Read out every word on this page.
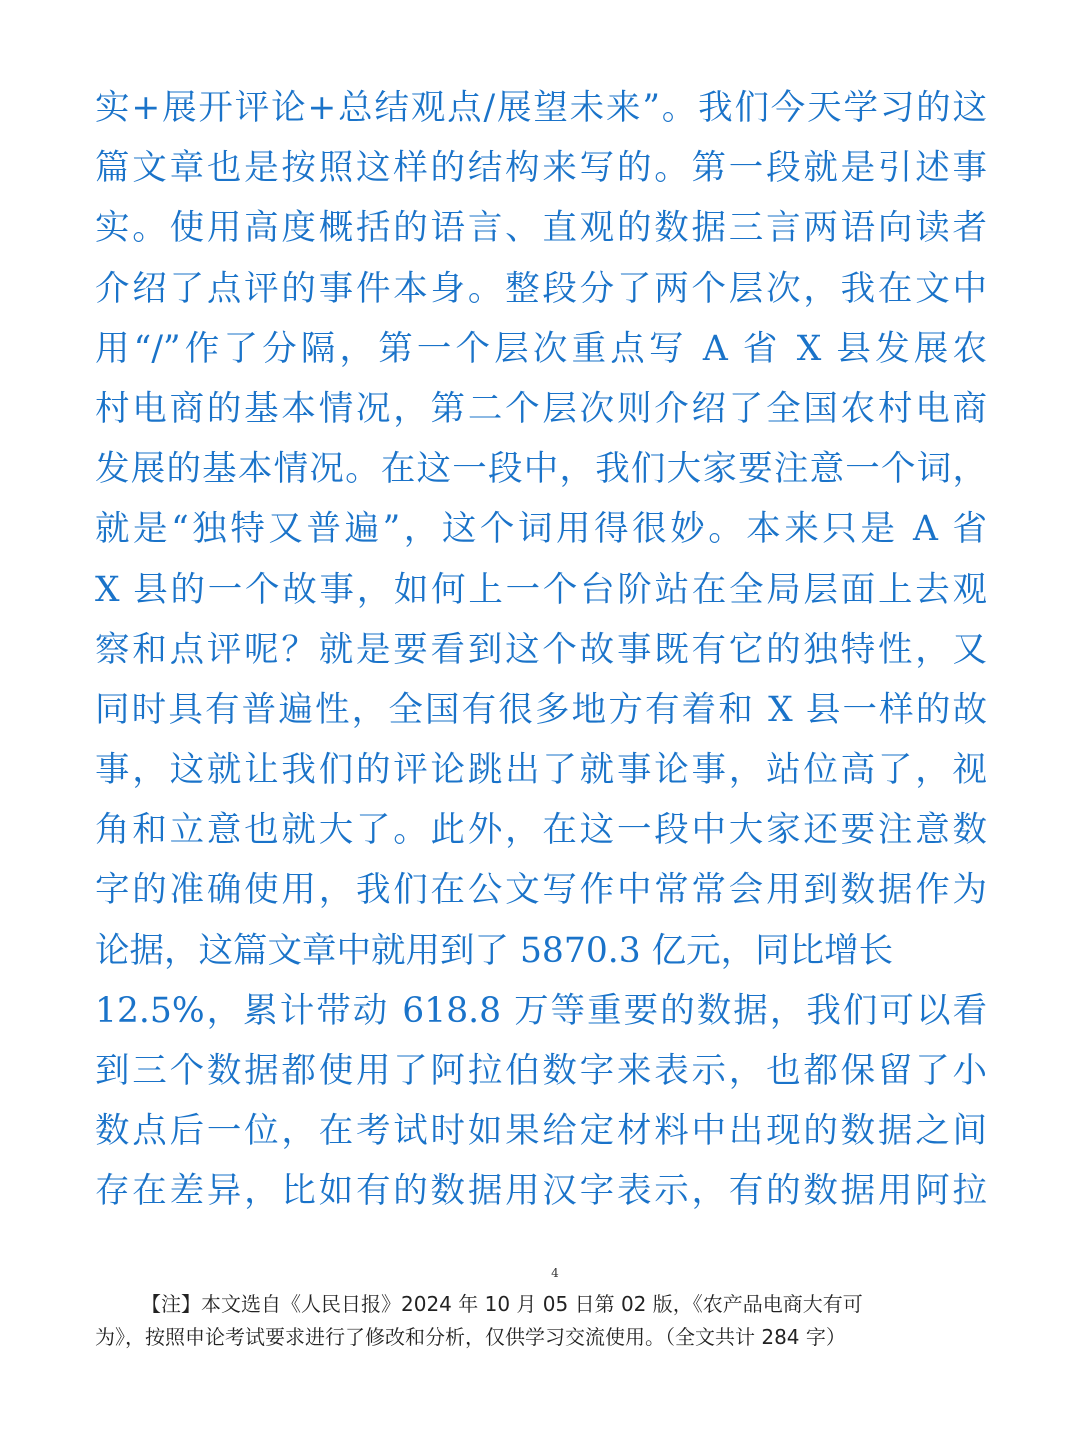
实+展开评论+总结观点/展望未来”。我们今天学习的这
篇文章也是按照这样的结构来写的。第一段就是引述事
实。使用高度概括的语言、直观的数据三言两语向读者
介绍了点评的事件本身。整段分了两个层次，我在文中
用“/”作了分隔，第一个层次重点写 A 省 X 县发展农
村电商的基本情况，第二个层次则介绍了全国农村电商
发展的基本情况。在这一段中，我们大家要注意一个词，
就是“独特又普遍”，这个词用得很妙。本来只是 A 省
X 县的一个故事，如何上一个台阶站在全局层面上去观
察和点评呢？就是要看到这个故事既有它的独特性，又
同时具有普遍性，全国有很多地方有着和 X 县一样的故
事，这就让我们的评论跳出了就事论事，站位高了，视
角和立意也就大了。此外，在这一段中大家还要注意数
字的准确使用，我们在公文写作中常常会用到数据作为
论据，这篇文章中就用到了 5870.3 亿元，同比增长
12.5%，累计带动 618.8 万等重要的数据，我们可以看
到三个数据都使用了阿拉伯数字来表示，也都保留了小
数点后一位，在考试时如果给定材料中出现的数据之间
存在差异，比如有的数据用汉字表示，有的数据用阿拉
4
【注】本文选自《人民日报》2024 年 10 月 05 日第 02 版，《农产品电商大有可
为》，按照申论考试要求进行了修改和分析，仅供学习交流使用。（全文共计 284 字）
